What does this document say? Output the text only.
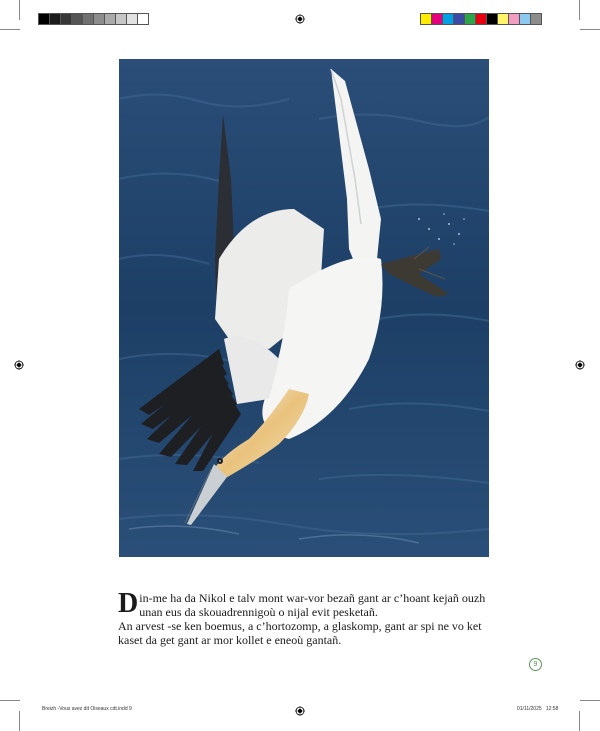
Din-me ha da Nikol e talv mont war-vor bezañ gant ar c’hoant kejañ ouzh unan eus da skouadrennigoù o nijal evit pesketañ.

An arvest -se ken boemus, a c’hortozomp, a glaskomp, gant ar spi ne vo ket kaset da get gant ar mor kollet e eneoù gantañ.

9
Breizh -Vous avez dit Oiseaux cdt.indd 9	01/11/2025 12:58
